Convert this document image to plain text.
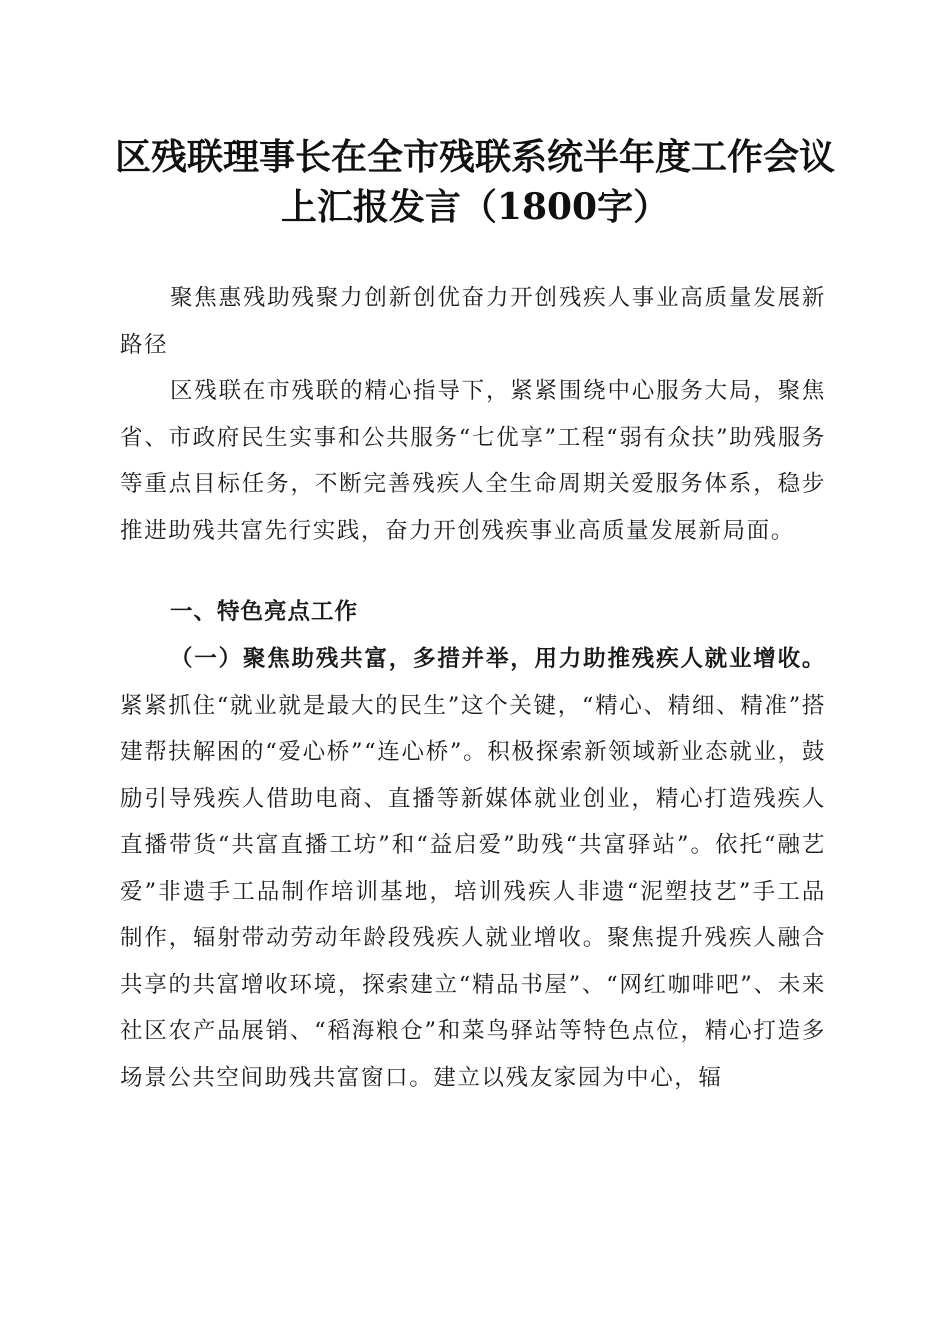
区残联理事长在全市残联系统半年度工作会议
上汇报发言（1800字）

聚焦惠残助残聚力创新创优奋力开创残疾人事业高质量发展新路径

区残联在市残联的精心指导下，紧紧围绕中心服务大局，聚焦省、市政府民生实事和公共服务“七优享”工程“弱有众扶”助残服务等重点目标任务，不断完善残疾人全生命周期关爱服务体系，稳步推进助残共富先行实践，奋力开创残疾事业高质量发展新局面。

一、特色亮点工作

（一）聚焦助残共富，多措并举，用力助推残疾人就业增收。紧紧抓住“就业就是最大的民生”这个关键，“精心、精细、精准”搭建帮扶解困的“爱心桥”“连心桥”。积极探索新领域新业态就业，鼓励引导残疾人借助电商、直播等新媒体就业创业，精心打造残疾人直播带货“共富直播工坊”和“益启爱”助残“共富驿站”。依托“融艺爱”非遗手工品制作培训基地，培训残疾人非遗“泥塑技艺”手工品制作，辐射带动劳动年龄段残疾人就业增收。聚焦提升残疾人融合共享的共富增收环境，探索建立“精品书屋”、“网红咖啡吧”、未来社区农产品展销、“稻海粮仓”和菜鸟驿站等特色点位，精心打造多场景公共空间助残共富窗口。建立以残友家园为中心，辐
